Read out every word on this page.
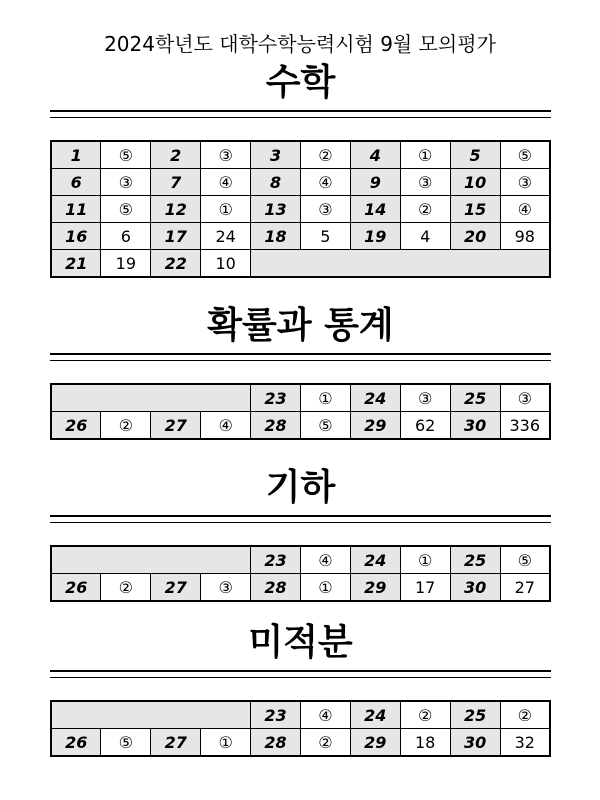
2024학년도 대학수학능력시험 9월 모의평가
수학
1	⑤	2	③	3	②	4	①	5	⑤
6	③	7	④	8	④	9	③	10	③
11	⑤	12	①	13	③	14	②	15	④
16	6	17	24	18	5	19	4	20	98
21	19	22	10						
확률과 통계
				23	①	24	③	25	③
26	②	27	④	28	⑤	29	62	30	336
기하
				23	④	24	①	25	⑤
26	②	27	③	28	①	29	17	30	27
미적분
				23	④	24	②	25	②
26	⑤	27	①	28	②	29	18	30	32
